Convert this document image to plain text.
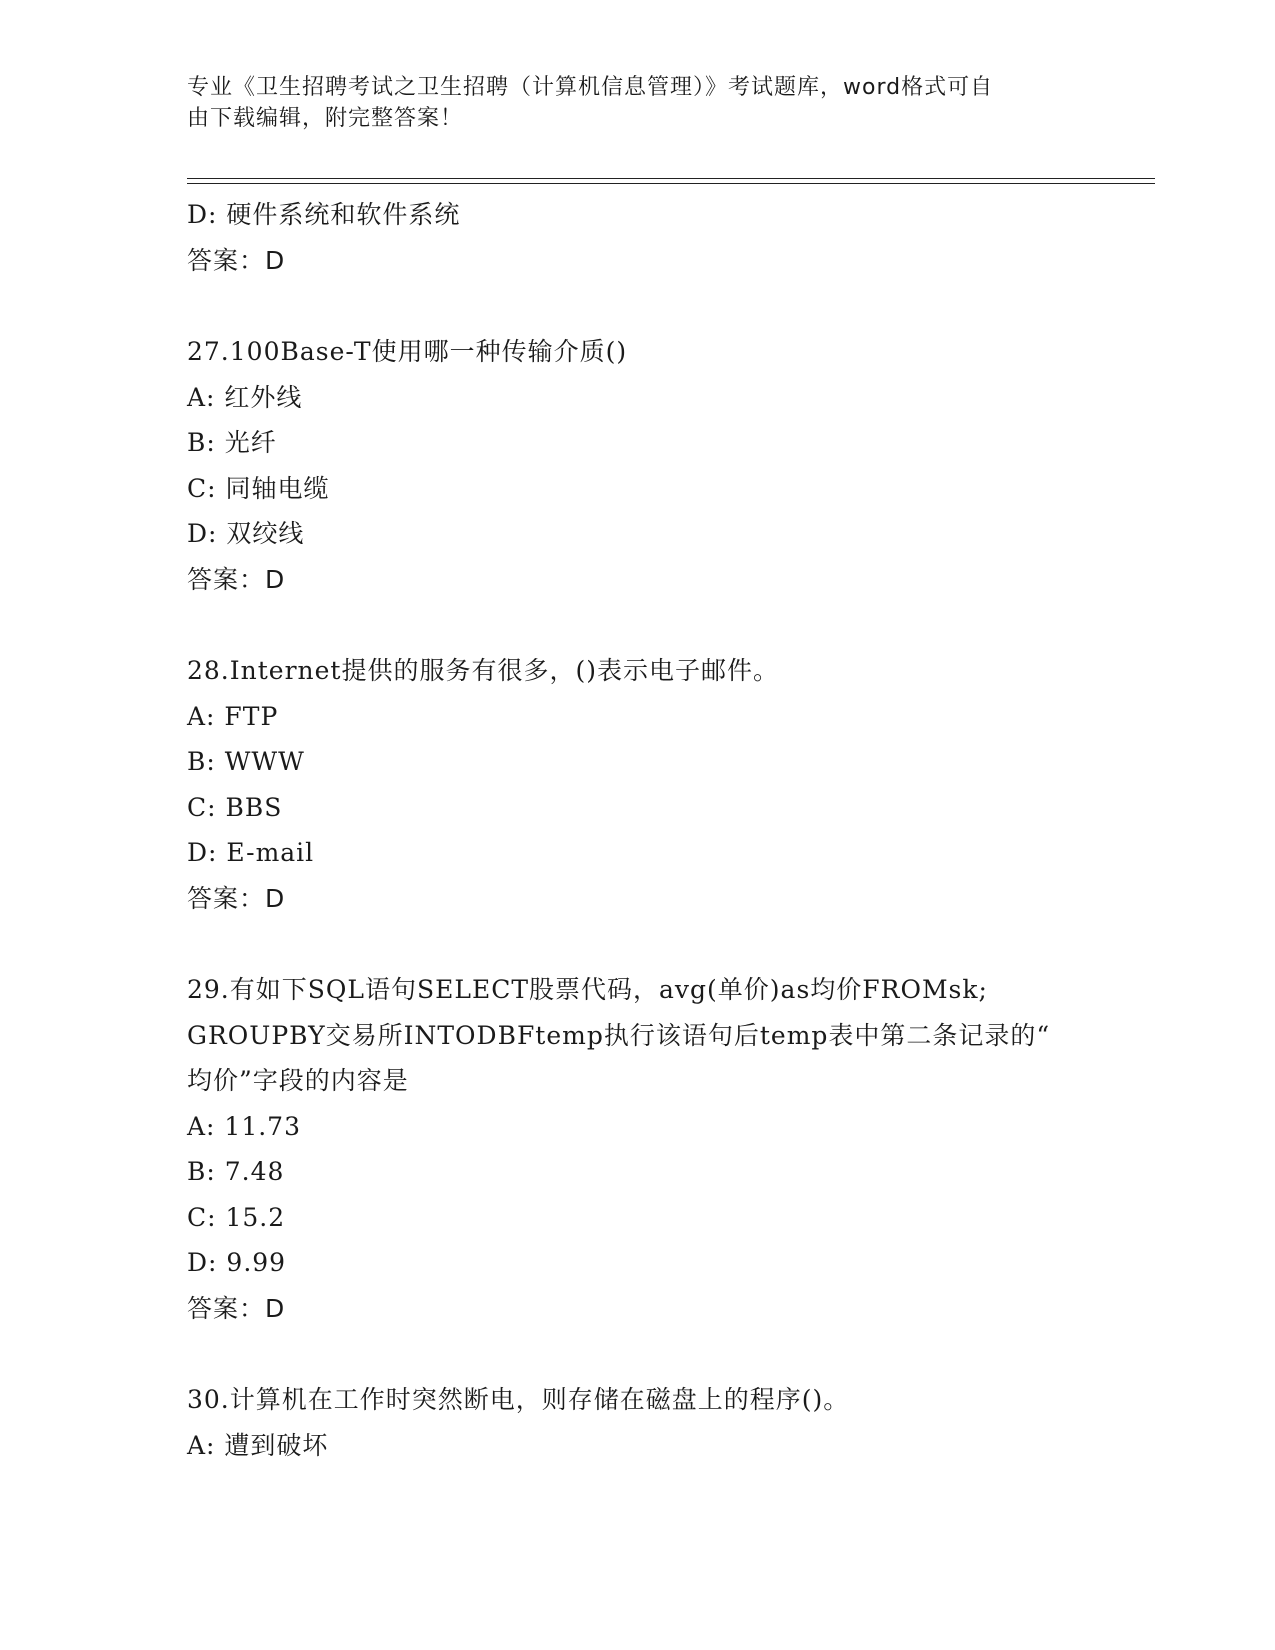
专业《卫生招聘考试之卫生招聘（计算机信息管理）》考试题库，word格式可自
由下载编辑，附完整答案！
D: 硬件系统和软件系统
答案：D
27.100Base-T使用哪一种传输介质()
A: 红外线
B: 光纤
C: 同轴电缆
D: 双绞线
答案：D
28.Internet提供的服务有很多，()表示电子邮件。
A: FTP
B: WWW
C: BBS
D: E-mail
答案：D
29.有如下SQL语句SELECT股票代码，avg(单价)as均价FROMsk;
GROUPBY交易所INTODBFtemp执行该语句后temp表中第二条记录的“
均价”字段的内容是
A: 11.73
B: 7.48
C: 15.2
D: 9.99
答案：D
30.计算机在工作时突然断电，则存储在磁盘上的程序()。
A: 遭到破坏
